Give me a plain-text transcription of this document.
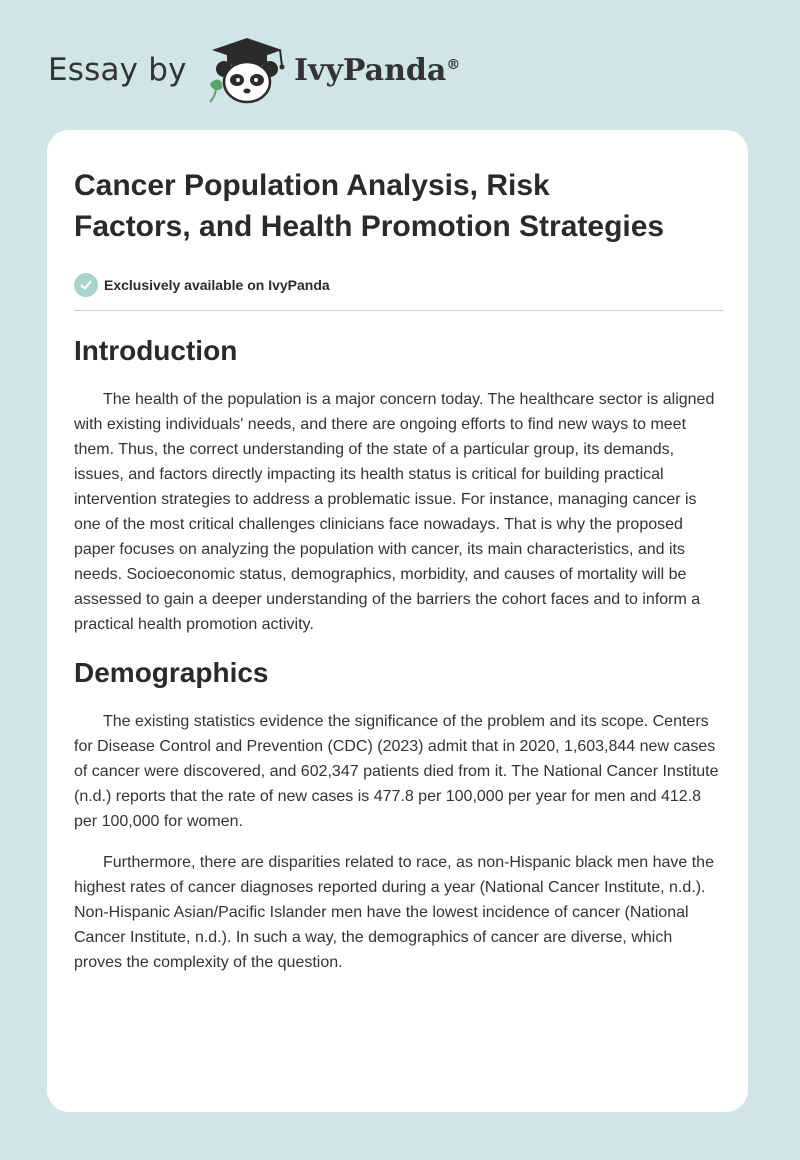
Essay by	IvyPanda®
Cancer Population Analysis, Risk Factors, and Health Promotion Strategies
Exclusively available on IvyPanda
Introduction

The health of the population is a major concern today. The healthcare sector is aligned with existing individuals' needs, and there are ongoing efforts to find new ways to meet them. Thus, the correct understanding of the state of a particular group, its demands, issues, and factors directly impacting its health status is critical for building practical intervention strategies to address a problematic issue. For instance, managing cancer is one of the most critical challenges clinicians face nowadays. That is why the proposed paper focuses on analyzing the population with cancer, its main characteristics, and its needs. Socioeconomic status, demographics, morbidity, and causes of mortality will be assessed to gain a deeper understanding of the barriers the cohort faces and to inform a practical health promotion activity.

Demographics

The existing statistics evidence the significance of the problem and its scope. Centers for Disease Control and Prevention (CDC) (2023) admit that in 2020, 1,603,844 new cases of cancer were discovered, and 602,347 patients died from it. The National Cancer Institute (n.d.) reports that the rate of new cases is 477.8 per 100,000 per year for men and 412.8 per 100,000 for women.

Furthermore, there are disparities related to race, as non-Hispanic black men have the highest rates of cancer diagnoses reported during a year (National Cancer Institute, n.d.). Non-Hispanic Asian/Pacific Islander men have the lowest incidence of cancer (National Cancer Institute, n.d.). In such a way, the demographics of cancer are diverse, which proves the complexity of the question.
